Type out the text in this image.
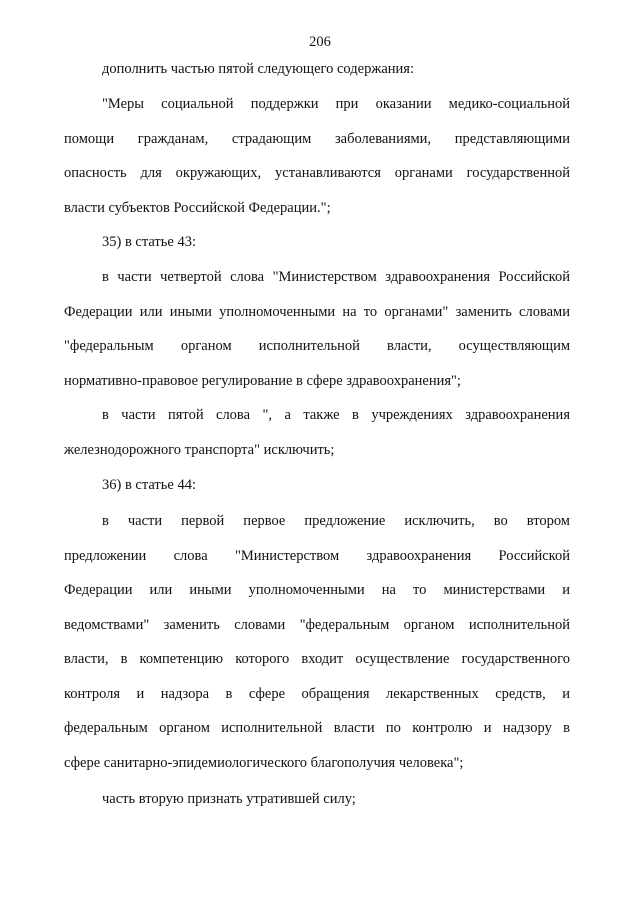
206
дополнить частью пятой следующего содержания:
"Меры социальной поддержки при оказании медико-социальной
помощи гражданам, страдающим заболеваниями, представляющими
опасность для окружающих, устанавливаются органами государственной
власти субъектов Российской Федерации.";
35) в статье 43:
в части четвертой слова "Министерством здравоохранения Российской
Федерации или иными уполномоченными на то органами" заменить словами
"федеральным органом исполнительной власти, осуществляющим
нормативно-правовое регулирование в сфере здравоохранения";
в части пятой слова ", а также в учреждениях здравоохранения
железнодорожного транспорта" исключить;
36) в статье 44:
в части первой первое предложение исключить, во втором
предложении слова "Министерством здравоохранения Российской
Федерации или иными уполномоченными на то министерствами и
ведомствами" заменить словами "федеральным органом исполнительной
власти, в компетенцию которого входит осуществление государственного
контроля и надзора в сфере обращения лекарственных средств, и
федеральным органом исполнительной власти по контролю и надзору в
сфере санитарно-эпидемиологического благополучия человека";
часть вторую признать утратившей силу;
